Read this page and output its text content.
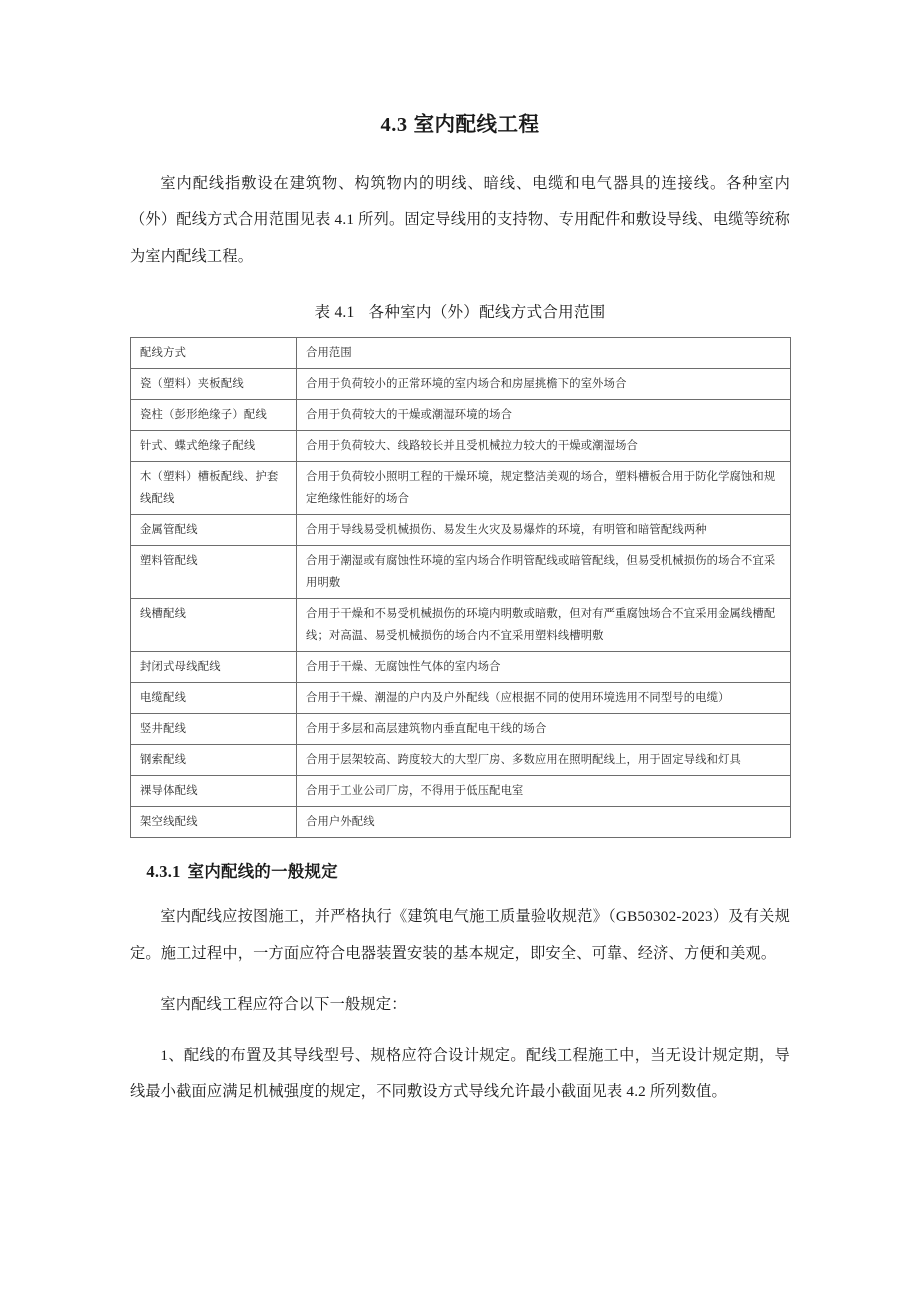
4.3 室内配线工程

室内配线指敷设在建筑物、构筑物内的明线、暗线、电缆和电气器具的连接线。各种室内（外）配线方式合用范围见表 4.1 所列。固定导线用的支持物、专用配件和敷设导线、电缆等统称为室内配线工程。

表 4.1 各种室内（外）配线方式合用范围

配线方式	合用范围
瓷（塑料）夹板配线	合用于负荷较小的正常环境的室内场合和房屋挑檐下的室外场合
瓷柱（彭形绝缘子）配线	合用于负荷较大的干燥或潮湿环境的场合
针式、蝶式绝缘子配线	合用于负荷较大、线路较长并且受机械拉力较大的干燥或潮湿场合
木（塑料）槽板配线、护套线配线	合用于负荷较小照明工程的干燥环境，规定整洁美观的场合，塑料槽板合用于防化学腐蚀和规定绝缘性能好的场合
金属管配线	合用于导线易受机械损伤、易发生火灾及易爆炸的环境，有明管和暗管配线两种
塑料管配线	合用于潮湿或有腐蚀性环境的室内场合作明管配线或暗管配线，但易受机械损伤的场合不宜采用明敷
线槽配线	合用于干燥和不易受机械损伤的环境内明敷或暗敷，但对有严重腐蚀场合不宜采用金属线槽配线；对高温、易受机械损伤的场合内不宜采用塑料线槽明敷
封闭式母线配线	合用于干燥、无腐蚀性气体的室内场合
电缆配线	合用于干燥、潮湿的户内及户外配线（应根据不同的使用环境选用不同型号的电缆）
竖井配线	合用于多层和高层建筑物内垂直配电干线的场合
钢索配线	合用于层架较高、跨度较大的大型厂房、多数应用在照明配线上，用于固定导线和灯具
裸导体配线	合用于工业公司厂房，不得用于低压配电室
架空线配线	合用户外配线
4.3.1 室内配线的一般规定

室内配线应按图施工，并严格执行《建筑电气施工质量验收规范》（GB50302-2023）及有关规定。施工过程中，一方面应符合电器装置安装的基本规定，即安全、可靠、经济、方便和美观。

室内配线工程应符合以下一般规定：

1、配线的布置及其导线型号、规格应符合设计规定。配线工程施工中，当无设计规定期，导线最小截面应满足机械强度的规定，不同敷设方式导线允许最小截面见表 4.2 所列数值。
